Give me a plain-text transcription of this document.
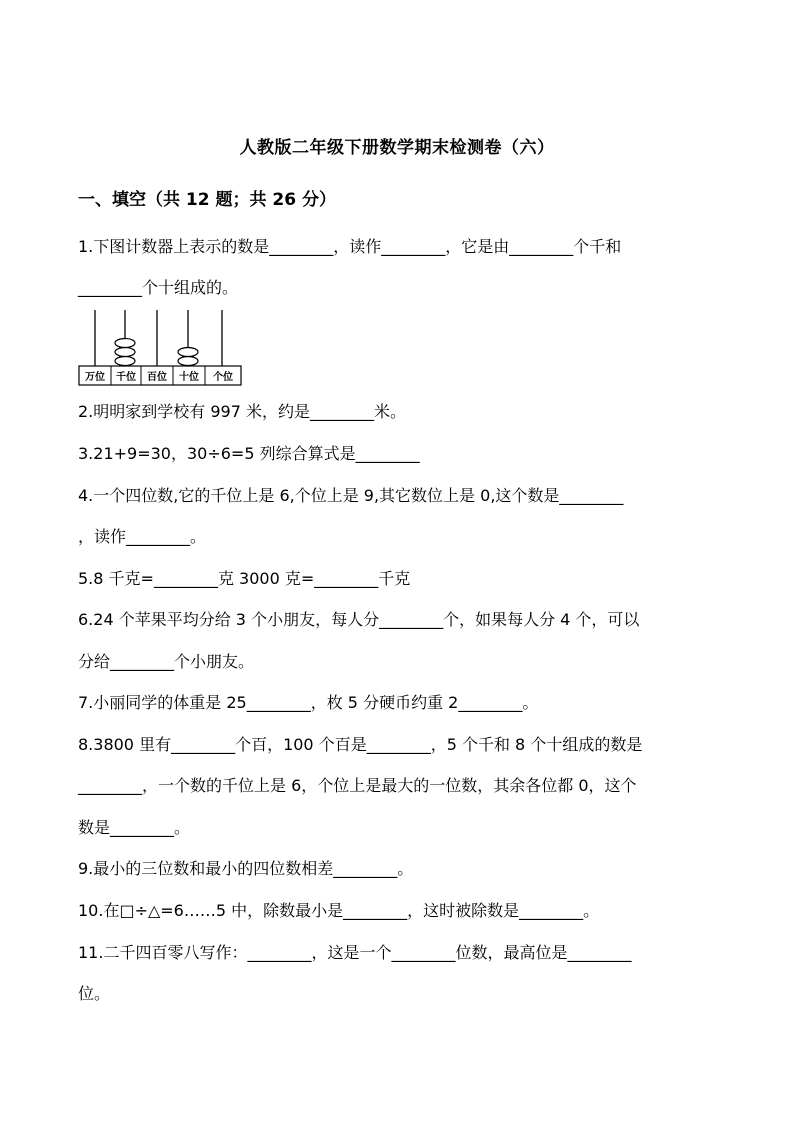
人教版二年级下册数学期末检测卷（六）
一、填空（共 12 题；共 26 分）
1.下图计数器上表示的数是________，读作________，它是由________个千和
________个十组成的。
万位 千位 百位 十位 个位
2.明明家到学校有 997 米，约是________米。
3.21+9=30，30÷6=5 列综合算式是________
4.一个四位数,它的千位上是 6,个位上是 9,其它数位上是 0,这个数是________
，读作________。
5.8 千克=________克 3000 克=________千克
6.24 个苹果平均分给 3 个小朋友，每人分________个，如果每人分 4 个，可以
分给________个小朋友。
7.小丽同学的体重是 25________，枚 5 分硬币约重 2________。
8.3800 里有________个百，100 个百是________，5 个千和 8 个十组成的数是
________，一个数的千位上是 6，个位上是最大的一位数，其余各位都 0，这个
数是________。
9.最小的三位数和最小的四位数相差________。
10.在□÷△=6……5 中，除数最小是________，这时被除数是________。
11.二千四百零八写作：________，这是一个________位数，最高位是________
位。
